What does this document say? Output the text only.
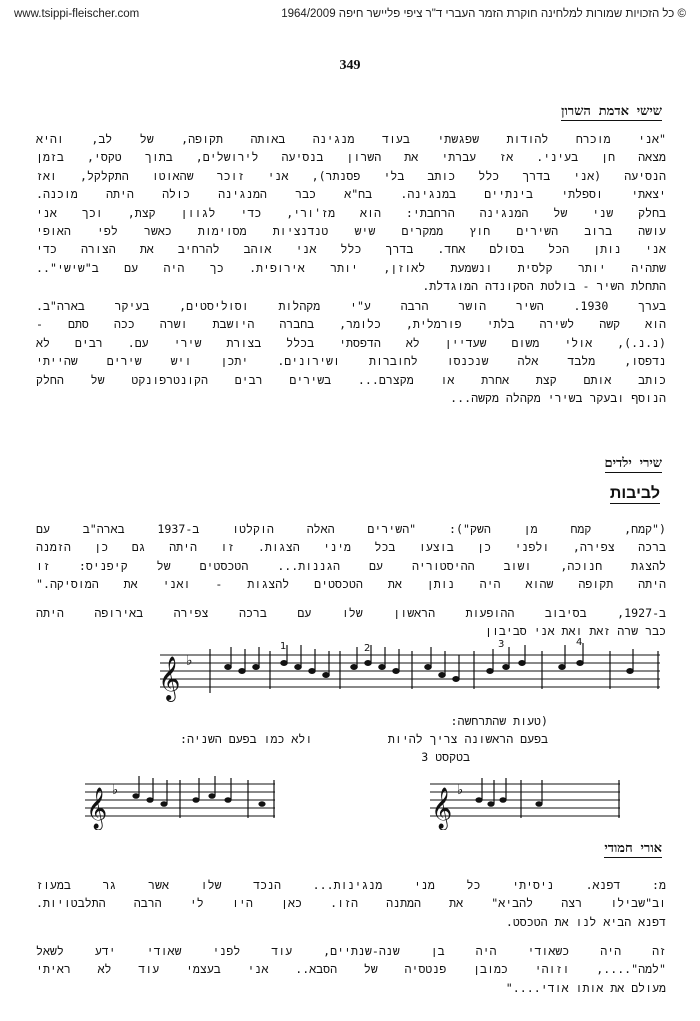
www.tsippi-fleischer.com	© כל הזכויות שמורות למלחינה חוקרת הזמר העברי ד"ר ציפי פליישר חיפה 1964/2009
349
שישי אדמת השרון
"אני מוכרח להודות שפגשתי בעוד מנגינה באותה תקופה, של לב, והיא
מצאה חן בעיני. אז עברתי את השרון בנסיעה לירושלים, בתוך טקסי, בזמן
הנסיעה (אני בדרך כלל כותב בלי פסנתר), אני זוכר שהאוטו התקלקל, ואז
יצאתי וספלתי בינתיים במנגינה. בח"א כבר המנגינה כולה היתה מוכנה.
בחלק שני של המנגינה הרחבתי: הוא מז'ורי, כדי לגוון קצת, וכך אני
עושה ברוב השירים חוץ ממקרים שיש טנדנציות מסוימות כאשר לפי האופי
אני נותן הכל בסולם אחד. בדרך כלל אני אוהב להרחיב את הצורה כדי
שתהיה יותר קלסית ונשמעת לאוזן, יותר אירופית. כך היה עם ב"שישי"..
התחלת השיר - בולטת הסקונדה המוגדלת.
בערך 1930. השיר הושר הרבה ע"י מקהלות וסוליסטים, בעיקר בארה"ב.
הוא קשה לשירה בלתי פורמלית, כלומר, בחברה היושבת ושרה ככה סתם -
(נ.נ.), אולי משום שעדיין לא הדפסתי בכלל בצורת שירי עם. רבים לא
נדפסו, מלבד אלה שנכנסו לחוברות ושירונים. יתכן ויש שירים שהייתי
כותב אותם קצת אחרת או מקצרם... בשירים רבים הקונטרפונקט של החלק
הנוסף ובעקר בשירי מקהלה מקשה...
שירי ילדים
לביבות
("קמח, קמח מן השק"): "השירים האלה הוקלטו ב-1937 בארה"ב עם
ברכה צפירה, ולפני כן בוצעו בכל מיני הצגות. זו היתה גם כן הזמנה
להצגת חנוכה, ושוב ההיסטוריה עם הגננות... הטכסטים של קיפניס: זו
היתה תקופה שהוא היה נותן את הטכסטים להצגות - ואני את המוסיקה."
ב-1927, בסיבוב ההופעות הראשון שלו עם ברכה צפירה באירופה היתה
כבר שרה זאת ואת אני סביבון
𝄞 ♭
1	2	3	4
(טעות שהתרחשה:
בפעם הראשונה צריך להיות
בטקסט 3
ולא כמו בפעם השניה:
𝄞 ♭	𝄞 ♭
אורי חמודי
מ: דפנא. ניסיתי כל מני מנגינות... הנכד שלו אשר גר במעוז
וב"שבילו רצה להביא" את המתנה הזו. כאן היו לי הרבה התלבטויות.
דפנא הביא לנו את הטכסט.
זה היה כשאודי היה בן שנה-שנתיים, עוד לפני שאודי ידע לשאל
"למה"...., וזוהי כמובן פנטסיה של הסבא.. אני בעצמי עוד לא ראיתי
מעולם את אותו אודי...."
